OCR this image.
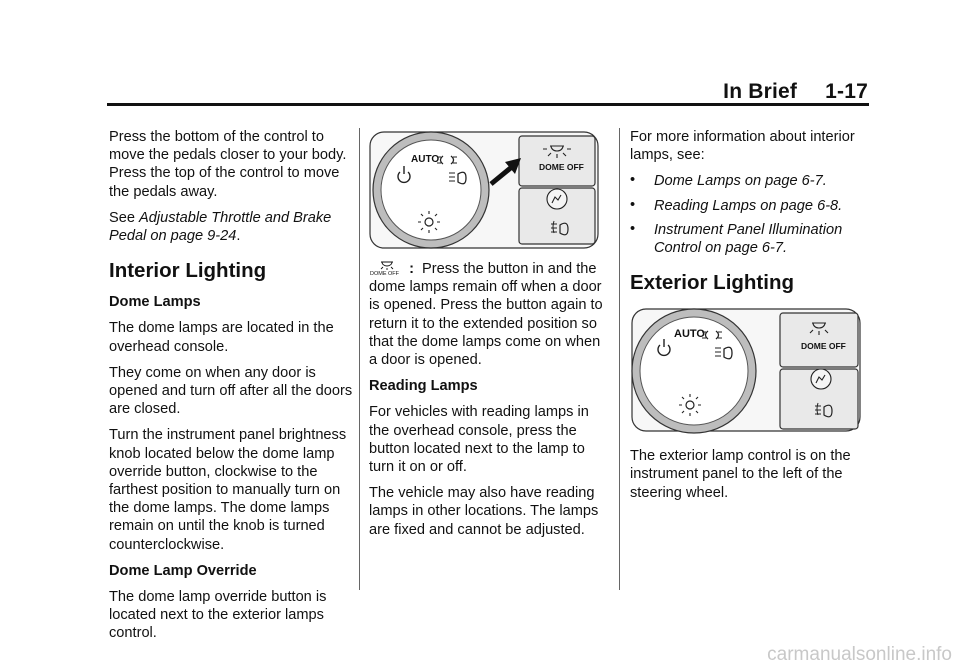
In Brief 1-17

Press the bottom of the control to move the pedals closer to your body. Press the top of the control to move the pedals away.

See Adjustable Throttle and Brake Pedal on page 9-24.

Interior Lighting
Dome Lamps

The dome lamps are located in the overhead console.

They come on when any door is opened and turn off after all the doors are closed.

Turn the instrument panel brightness knob located below the dome lamp override button, clockwise to the farthest position to manually turn on the dome lamps. The dome lamps remain on until the knob is turned counterclockwise.

Dome Lamp Override

The dome lamp override button is located next to the exterior lamps control.

AUTO
DOME OFF

DOME OFF : Press the button in and the dome lamps remain off when a door is opened. Press the button again to return it to the extended position so that the dome lamps come on when a door is opened.

Reading Lamps

For vehicles with reading lamps in the overhead console, press the button located next to the lamp to turn it on or off.

The vehicle may also have reading lamps in other locations. The lamps are fixed and cannot be adjusted.

For more information about interior lamps, see:

• Dome Lamps on page 6-7.
• Reading Lamps on page 6-8.
• Instrument Panel Illumination Control on page 6-7.
Exterior Lighting
AUTO
DOME OFF

The exterior lamp control is on the instrument panel to the left of the steering wheel.

carmanualsonline.info
